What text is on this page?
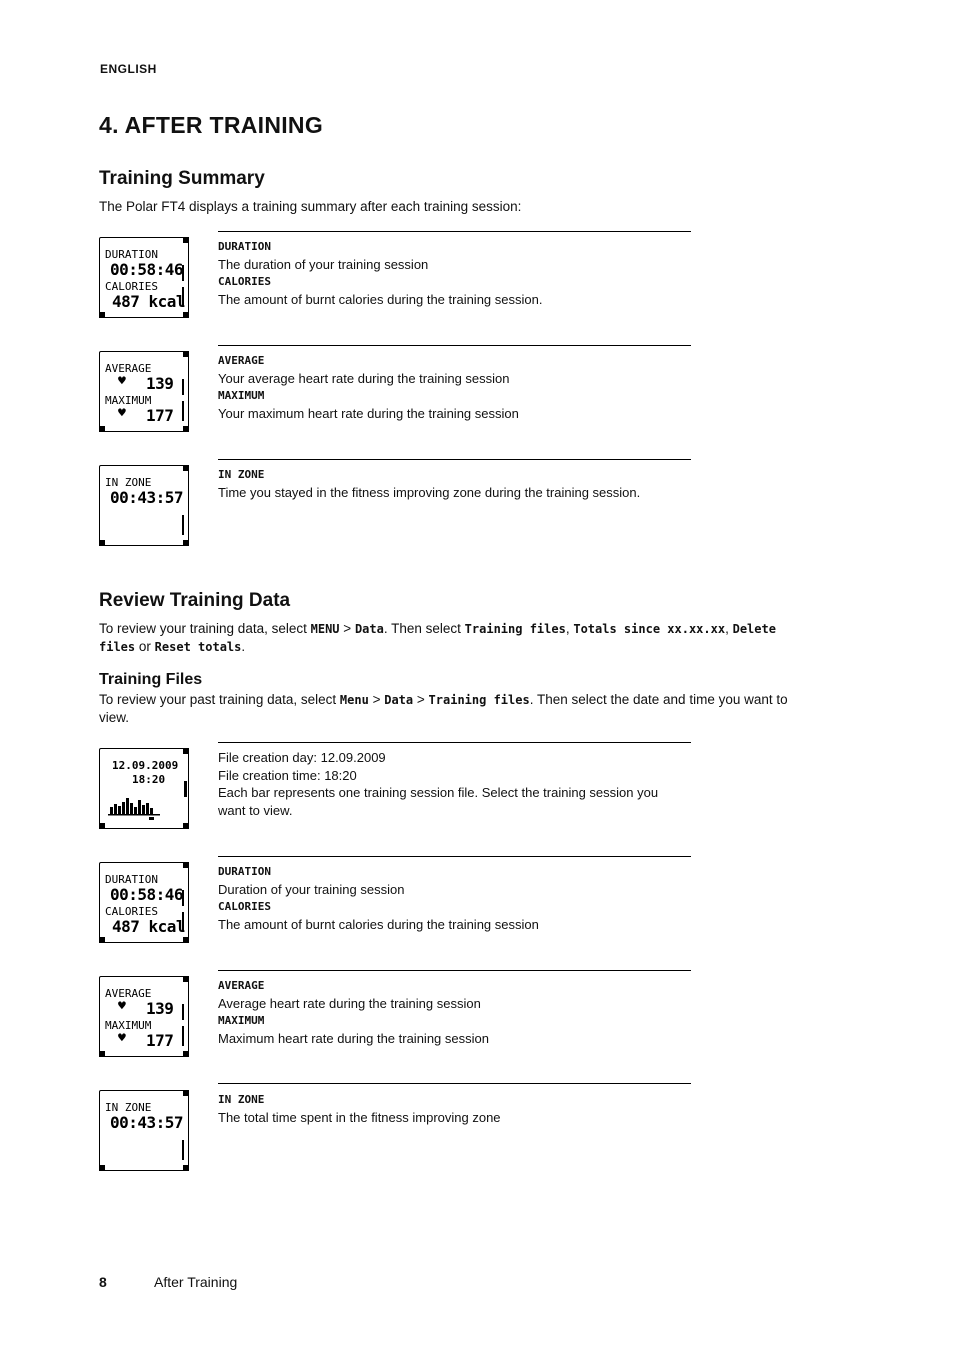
ENGLISH
4. AFTER TRAINING
Training Summary
The Polar FT4 displays a training summary after each training session:
DURATION
00:58:46
CALORIES
487 kcal
DURATION
The duration of your training session
CALORIES
The amount of burnt calories during the training session.
AVERAGE
♥ 139
MAXIMUM
♥ 177
AVERAGE
Your average heart rate during the training session
MAXIMUM
Your maximum heart rate during the training session
IN ZONE
00:43:57
IN ZONE
Time you stayed in the fitness improving zone during the training session.
Review Training Data
To review your training data, select MENU > Data. Then select Training files, Totals since xx.xx.xx, Delete files or Reset totals.
Training Files
To review your past training data, select Menu > Data > Training files. Then select the date and time you want to view.
12.09.2009
18:20
File creation day: 12.09.2009
File creation time: 18:20
Each bar represents one training session file. Select the training session you want to view.
DURATION
00:58:46
CALORIES
487 kcal
DURATION
Duration of your training session
CALORIES
The amount of burnt calories during the training session
AVERAGE
♥ 139
MAXIMUM
♥ 177
AVERAGE
Average heart rate during the training session
MAXIMUM
Maximum heart rate during the training session
IN ZONE
00:43:57
IN ZONE
The total time spent in the fitness improving zone
8	After Training
